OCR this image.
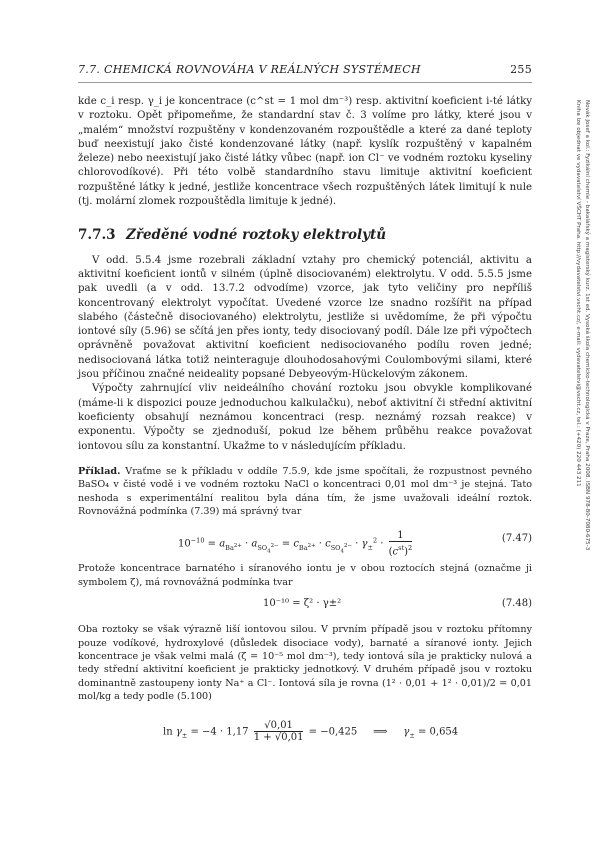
7.7. CHEMICKÁ ROVNOVÁHA V REÁLNÝCH SYSTÉMECH	255
Novák Josef a kol.: Fyzikální chemie - bakalářský a magisterský kurz. 1st ed. Vysoká škola chemicko-technologická v Praze, Praha 2008. ISBN 978-80-7080-675-3
Kniha lze objednat ve vydavatelství VŠCHT Praha. http://vydavatelstvi.vscht.cz/, e-mail: vydavatelstvi@vscht.cz, tel.: (+420) 220 443 211

kde c_i resp. γ_i je koncentrace (c^st = 1 mol dm⁻³) resp. aktivitní koeficient i-té látky v roztoku. Opět připomeňme, že standardní stav č. 3 volíme pro látky, které jsou v „malém“ množství rozpuštěny v kondenzovaném rozpouštědle a které za dané teploty buď neexistují jako čisté kondenzované látky (např. kyslík rozpuštěný v kapalném železe) nebo neexistují jako čisté látky vůbec (např. ion Cl⁻ ve vodném roztoku kyseliny chlorovodíkové). Při této volbě standardního stavu limituje aktivitní koeficient rozpuštěné látky k jedné, jestliže koncentrace všech rozpuštěných látek limitují k nule (tj. molární zlomek rozpouštědla limituje k jedné).

7.7.3 Zředěné vodné roztoky elektrolytů

V odd. 5.5.4 jsme rozebrali základní vztahy pro chemický potenciál, aktivitu a aktivitní koeficient iontů v silném (úplně disociovaném) elektrolytu. V odd. 5.5.5 jsme pak uvedli (a v odd. 13.7.2 odvodíme) vzorce, jak tyto veličiny pro nepříliš koncentrovaný elektrolyt vypočítat. Uvedené vzorce lze snadno rozšířit na případ slabého (částečně disociovaného) elektrolytu, jestliže si uvědomíme, že při výpočtu iontové síly (5.96) se sčítá jen přes ionty, tedy disociovaný podíl. Dále lze při výpočtech oprávněně považovat aktivitní koeficient nedisociovaného podílu roven jedné; nedisociovaná látka totiž neinteraguje dlouhodosahovými Coulombovými silami, které jsou příčinou značné neideality popsané Debyeovým-Hückelovým zákonem.

Výpočty zahrnující vliv neideálního chování roztoku jsou obvykle komplikované (máme-li k dispozici pouze jednoduchou kalkulačku), neboť aktivitní či střední aktivitní koeficienty obsahují neznámou koncentraci (resp. neznámý rozsah reakce) v exponentu. Výpočty se zjednoduší, pokud lze během průběhu reakce považovat iontovou sílu za konstantní. Ukažme to v následujícím příkladu.

Příklad. Vraťme se k příkladu v oddíle 7.5.9, kde jsme spočítali, že rozpustnost pevného BaSO₄ v čisté vodě i ve vodném roztoku NaCl o koncentraci 0,01 mol dm⁻³ je stejná. Tato neshoda s experimentální realitou byla dána tím, že jsme uvažovali ideální roztok. Rovnovážná podmínka (7.39) má správný tvar

$10^{-10} = a_{Ba^{2+}} \cdot a_{SO_4^{2-}} = c_{Ba^{2+}} \cdot c_{SO_4^{2-}} \cdot \gamma_\pm^2 \cdot \frac{1}{(c^{st})^2}$	(7.47)

Protože koncentrace barnatého i síranového iontu je v obou roztocích stejná (označme ji symbolem ζ), má rovnovážná podmínka tvar

10⁻¹⁰ = ζ² · γ±²	(7.48)

Oba roztoky se však výrazně liší iontovou silou. V prvním případě jsou v roztoku přítomny pouze vodíkové, hydroxylové (důsledek disociace vody), barnaté a síranové ionty. Jejich koncentrace je však velmi malá (ζ = 10⁻⁵ mol dm⁻³), tedy iontová síla je prakticky nulová a tedy střední aktivitní koeficient je prakticky jednotkový. V druhém případě jsou v roztoku dominantně zastoupeny ionty Na⁺ a Cl⁻. Iontová síla je rovna (1² · 0,01 + 1² · 0,01)/2 = 0,01 mol/kg a tedy podle (5.100)

$\ln \gamma_\pm = -4 \cdot 1,17 \frac{√0,01}{1 + √0,01} = -0,425$     ⟹     $\gamma_\pm = 0,654$
